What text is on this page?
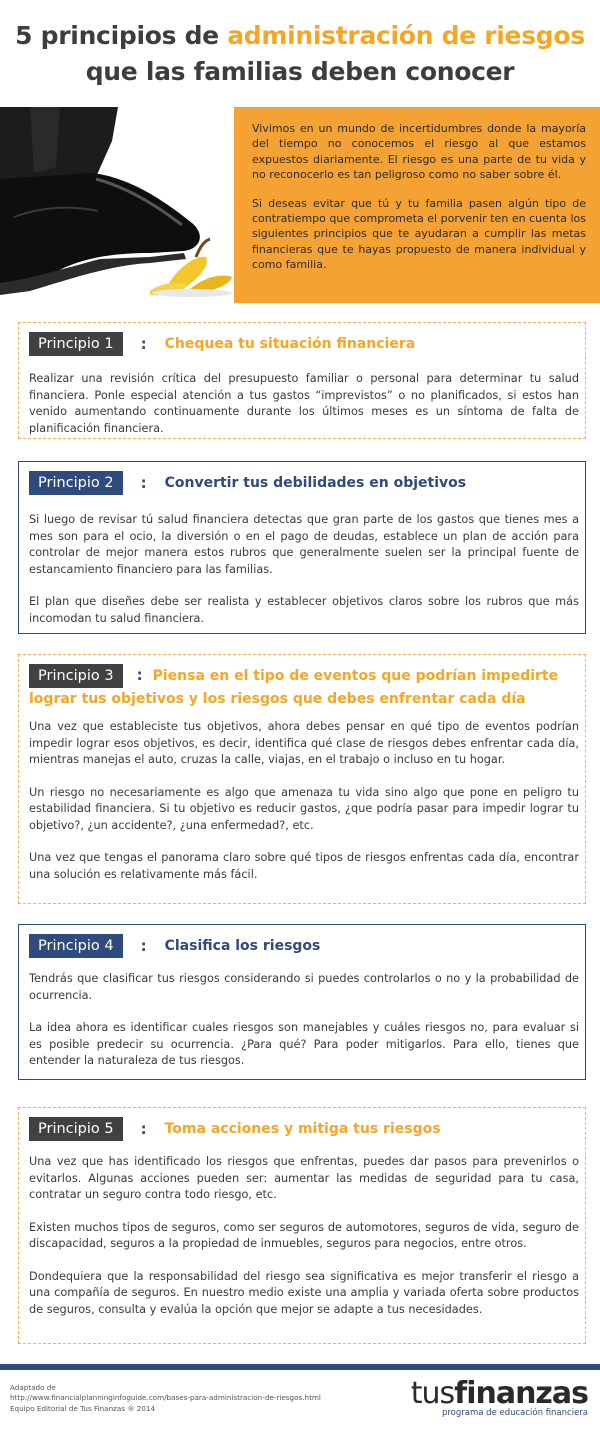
5 principios de administración de riesgos
que las familias deben conocer

Vivimos en un mundo de incertidumbres donde la mayoría del tiempo no conocemos el riesgo al que estamos expuestos diariamente. El riesgo es una parte de tu vida y no reconocerlo es tan peligroso como no saber sobre él.

Si deseas evitar que tú y tu familia pasen algún tipo de contratiempo que comprometa el porvenir ten en cuenta los siguientes principios que te ayudaran a cumplir las metas financieras que te hayas propuesto de manera individual y como familia.

Principio 1	: Chequea tu situación financiera

Realizar una revisión crítica del presupuesto familiar o personal para determinar tu salud financiera. Ponle especial atención a tus gastos “imprevistos” o no planificados, si estos han venido aumentando continuamente durante los últimos meses es un síntoma de falta de planificación financiera.

Principio 2	: Convertir tus debilidades en objetivos

Si luego de revisar tú salud financiera detectas que gran parte de los gastos que tienes mes a mes son para el ocio, la diversión o en el pago de deudas, establece un plan de acción para controlar de mejor manera estos rubros que generalmente suelen ser la principal fuente de estancamiento financiero para las familias.

El plan que diseñes debe ser realista y establecer objetivos claros sobre los rubros que más incomodan tu salud financiera.

Principio 3 : Piensa en el tipo de eventos que podrían impedirte lograr tus objetivos y los riesgos que debes enfrentar cada día

Una vez que estableciste tus objetivos, ahora debes pensar en qué tipo de eventos podrían impedir lograr esos objetivos, es decir, identifica qué clase de riesgos debes enfrentar cada día, mientras manejas el auto, cruzas la calle, viajas, en el trabajo o incluso en tu hogar.

Un riesgo no necesariamente es algo que amenaza tu vida sino algo que pone en peligro tu estabilidad financiera. Si tu objetivo es reducir gastos, ¿que podría pasar para impedir lograr tu objetivo?, ¿un accidente?, ¿una enfermedad?, etc.

Una vez que tengas el panorama claro sobre qué tipos de riesgos enfrentas cada día, encontrar una solución es relativamente más fácil.

Principio 4	: Clasifica los riesgos

Tendrás que clasificar tus riesgos considerando si puedes controlarlos o no y la probabilidad de ocurrencia.

La idea ahora es identificar cuales riesgos son manejables y cuáles riesgos no, para evaluar si es posible predecir su ocurrencia. ¿Para qué? Para poder mitigarlos. Para ello, tienes que entender la naturaleza de tus riesgos.

Principio 5	: Toma acciones y mitiga tus riesgos

Una vez que has identificado los riesgos que enfrentas, puedes dar pasos para prevenirlos o evitarlos. Algunas acciones pueden ser: aumentar las medidas de seguridad para tu casa, contratar un seguro contra todo riesgo, etc.

Existen muchos tipos de seguros, como ser seguros de automotores, seguros de vida, seguro de discapacidad, seguros a la propiedad de inmuebles, seguros para negocios, entre otros.

Dondequiera que la responsabilidad del riesgo sea significativa es mejor transferir el riesgo a una compañía de seguros. En nuestro medio existe una amplia y variada oferta sobre productos de seguros, consulta y evalúa la opción que mejor se adapte a tus necesidades.

Adaptado de
http://www.financialplanninginfoguide.com/bases-para-administracion-de-riesgos.html
Equipo Editorial de Tus Finanzas ® 2014	tusfinanzas
programa de educación financiera
